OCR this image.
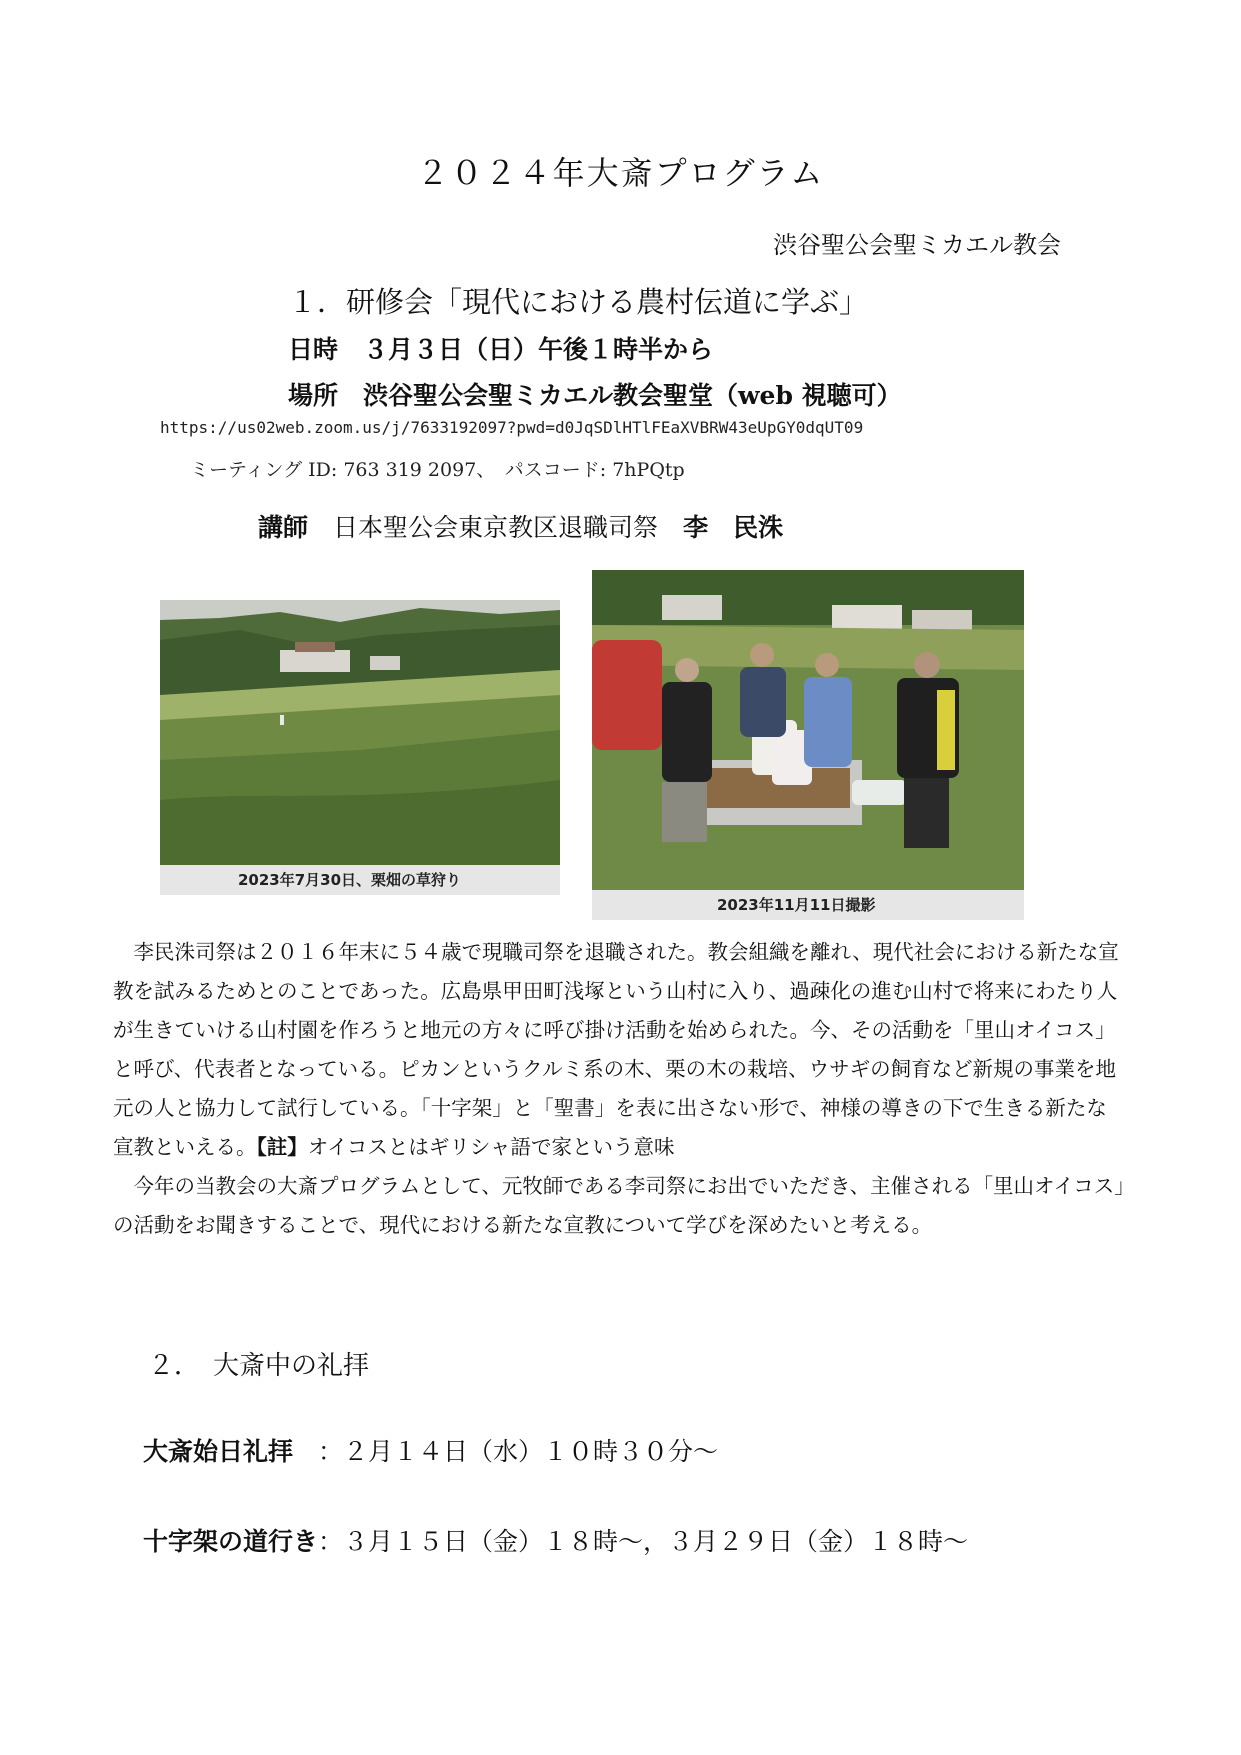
２０２４年大斎プログラム
渋谷聖公会聖ミカエル教会
１．研修会「現代における農村伝道に学ぶ」
日時　 ３月３日（日）午後１時半から
場所　 渋谷聖公会聖ミカエル教会聖堂（web 視聴可）
https://us02web.zoom.us/j/7633192097?pwd=d0JqSDlHTlFEaXVBRW43eUpGY0dqUT09
ミーティング ID: 763 319 2097、　パスコード: 7hPQtp
講師　 日本聖公会東京教区退職司祭　 李　民洙
2023年7月30日、栗畑の草狩り
2023年11月11日撮影

李民洙司祭は２０１６年末に５４歳で現職司祭を退職された。教会組織を離れ、現代社会における新たな宣教を試みるためとのことであった。広島県甲田町浅塚という山村に入り、過疎化の進む山村で将来にわたり人が生きていける山村園を作ろうと地元の方々に呼び掛け活動を始められた。今、その活動を「里山オイコス」と呼び、代表者となっている。ピカンというクルミ系の木、栗の木の栽培、ウサギの飼育など新規の事業を地元の人と協力して試行している。「十字架」と「聖書」を表に出さない形で、神様の導きの下で生きる新たな宣教といえる。【註】オイコスとはギリシャ語で家という意味

今年の当教会の大斎プログラムとして、元牧師である李司祭にお出でいただき、主催される「里山オイコス」の活動をお聞きすることで、現代における新たな宣教について学びを深めたいと考える。

２．　大斎中の礼拝
大斎始日礼拝　 ：２月１４日（水）１０時３０分～
十字架の道行き：３月１５日（金）１８時～，３月２９日（金）１８時～
